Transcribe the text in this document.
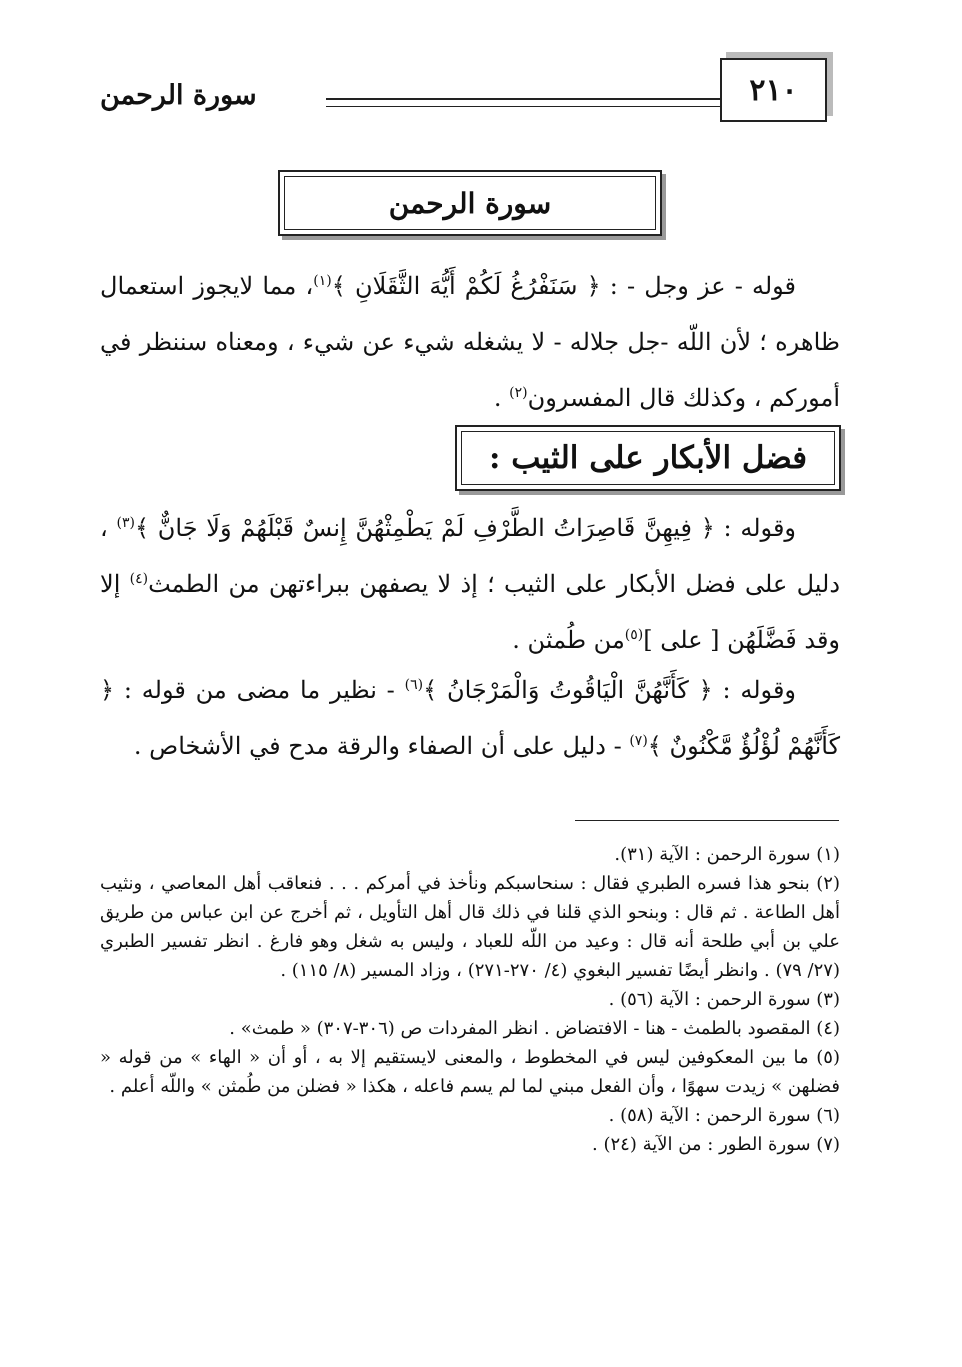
سورة الرحمن	٢١٠
سورة الرحمن
قوله - عز وجل - : ﴿ سَنَفْرُغُ لَكُمْ أَيُّهَ الثَّقَلَانِ ﴾$^{(١)}$، مما لايجوز استعمال ظاهره ؛ لأن اللّه -جل جلاله - لا يشغله شيء عن شيء ، ومعناه سننظر في أموركم ، وكذلك قال المفسرون$^{(٢)}$ .
فضل الأبكار على الثيب :
وقوله : ﴿ فِيهِنَّ قَاصِرَاتُ الطَّرْفِ لَمْ يَطْمِثْهُنَّ إِنسٌ قَبْلَهُمْ وَلَا جَانٌّ ﴾$^{(٣)}$ ، دليل على فضل الأبكار على الثيب ؛ إذ لا يصفهن ببراءتهن من الطمث$^{(٤)}$ إلا وقد فَضَّلَهُن [ على ]$^{(٥)}$من طُمثن .
وقوله : ﴿ كَأَنَّهُنَّ الْيَاقُوتُ وَالْمَرْجَانُ ﴾$^{(٦)}$ - نظير ما مضى من قوله : ﴿ كَأَنَّهُمْ لُؤْلُؤٌ مَّكْنُونٌ ﴾$^{(٧)}$ - دليل على أن الصفاء والرقة مدح في الأشخاص .
(١) سورة الرحمن : الآية (٣١).
(٢) بنحو هذا فسره الطبري فقال : سنحاسبكم ونأخذ في أمركم . . . فنعاقب أهل المعاصي ، ونثيب أهل الطاعة . ثم قال : وبنحو الذي قلنا في ذلك قال أهل التأويل ، ثم أخرج عن ابن عباس من طريق علي بن أبي طلحة أنه قال : وعيد من اللّه للعباد ، وليس به شغل وهو فارغ . انظر تفسير الطبري (٢٧/ ٧٩) . وانظر أيضًا تفسير البغوي (٤/ ٢٧٠-٢٧١) ، وزاد المسير (٨/ ١١٥) .
(٣) سورة الرحمن : الآية (٥٦) .
(٤) المقصود بالطمث - هنا - الافتضاض . انظر المفردات ص (٣٠٦-٣٠٧) « طمث» .
(٥) ما بين المعكوفين ليس في المخطوط ، والمعنى لايستقيم إلا به ، أو أن « الهاء » من قوله « فضلهن » زيدت سهوًا ، وأن الفعل مبني لما لم يسم فاعله ، هكذا « فضلن من طُمثن » واللّه أعلم .
(٦) سورة الرحمن : الآية (٥٨) .
(٧) سورة الطور : من الآية (٢٤) .
